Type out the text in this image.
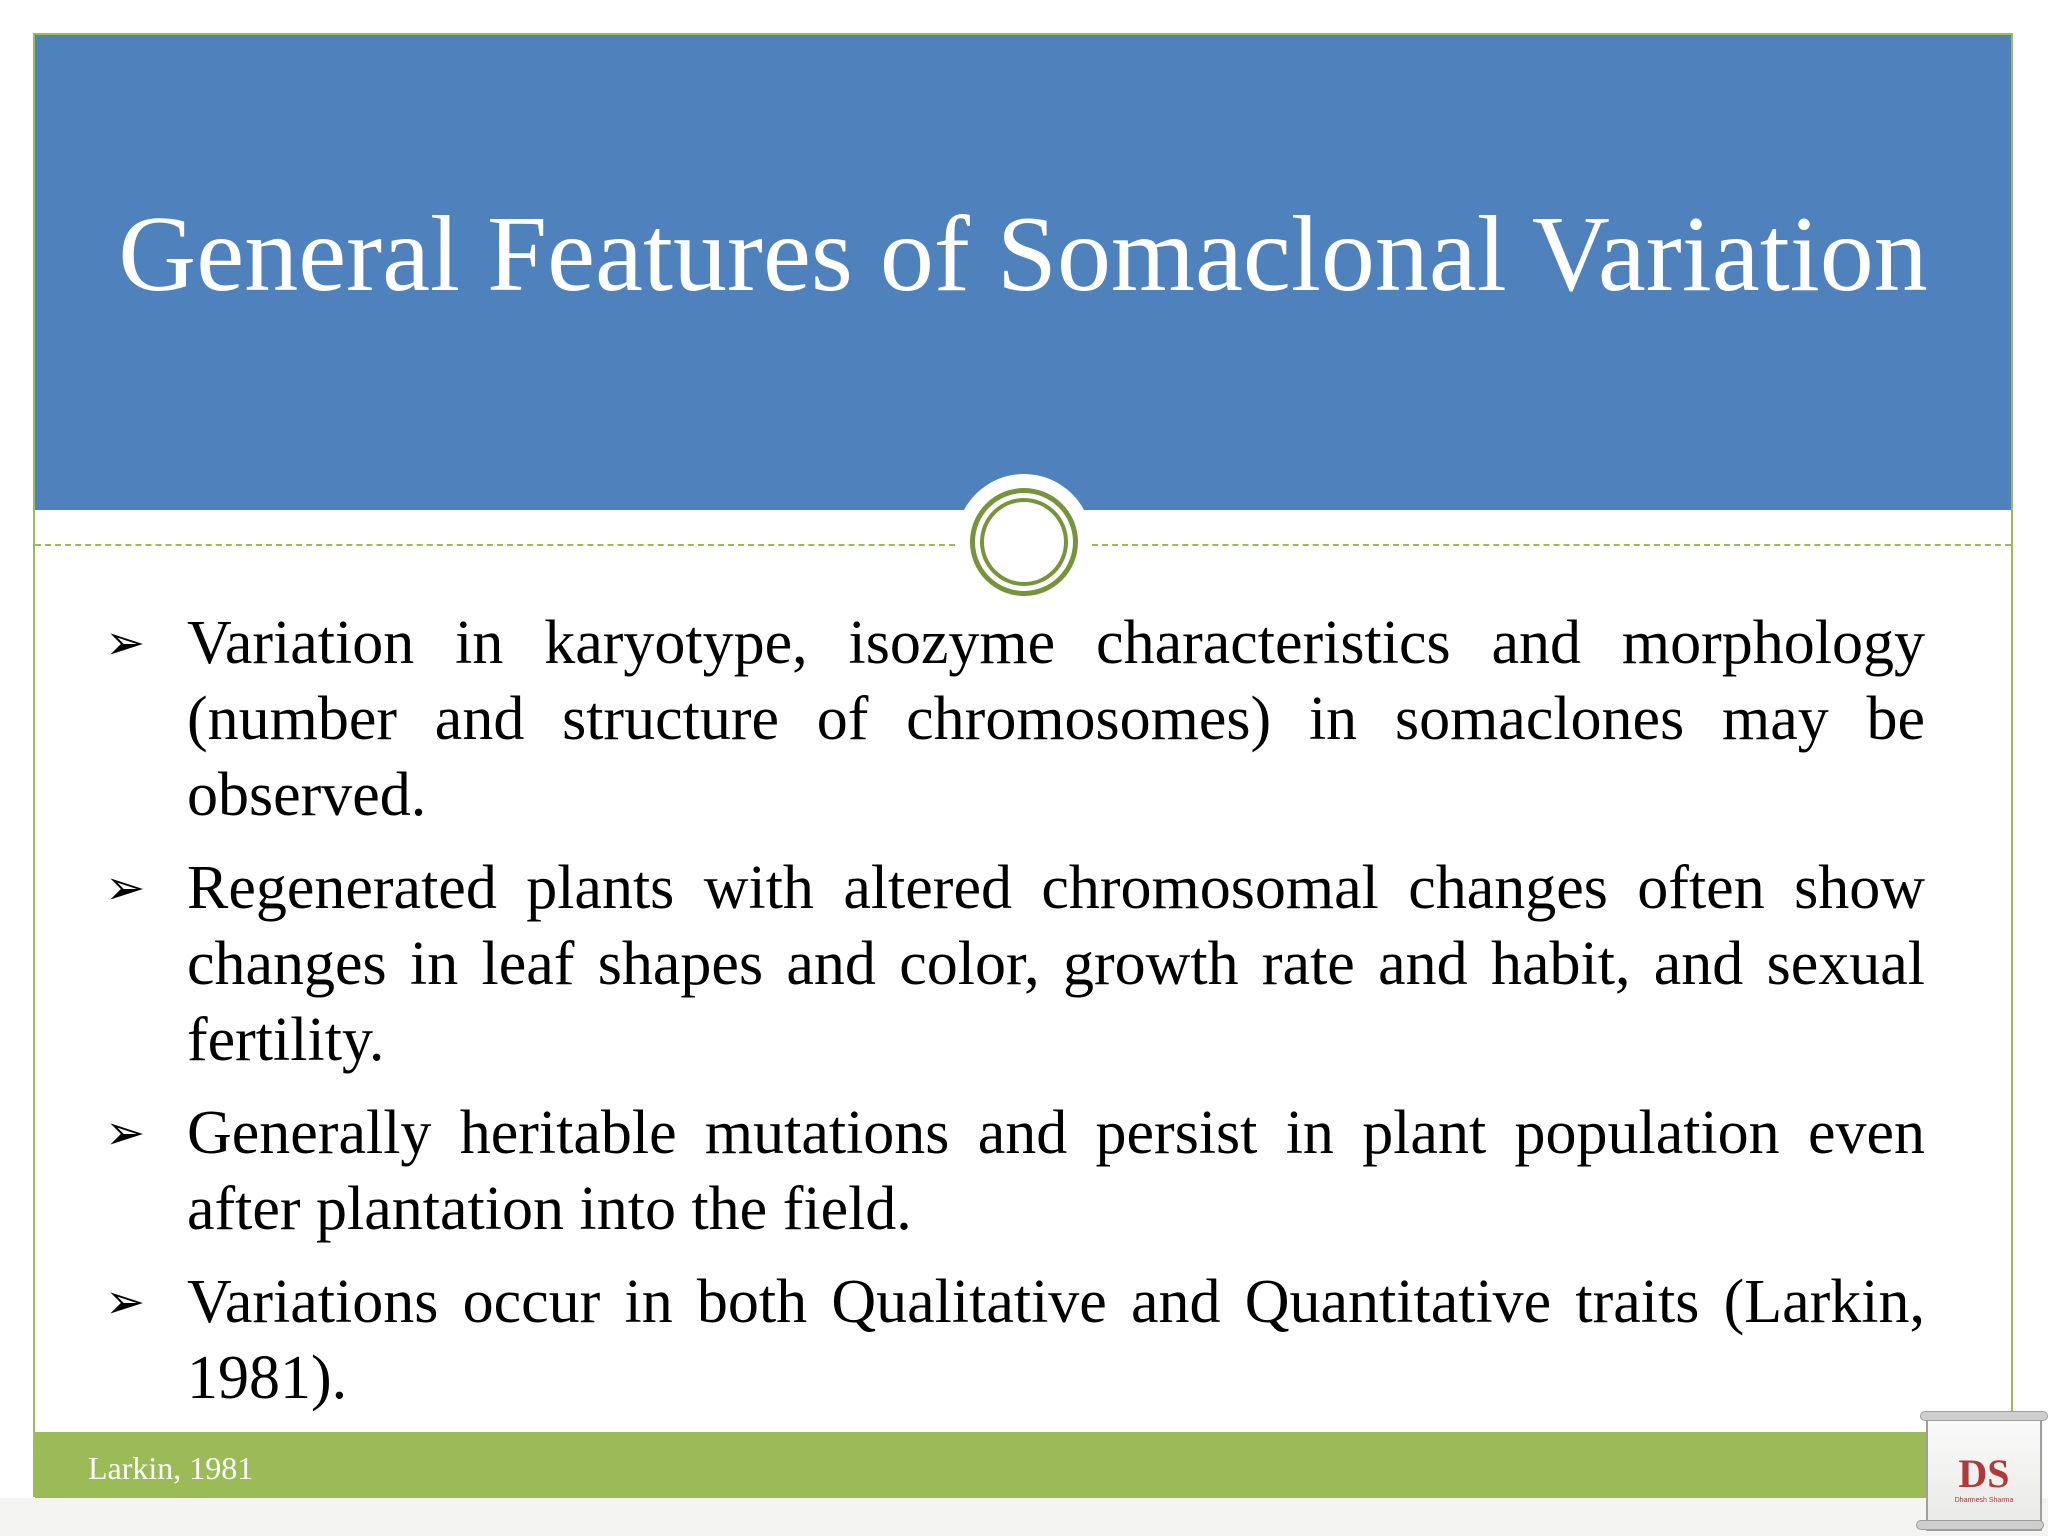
General Features of Somaclonal Variation
➢ Variation in karyotype, isozyme characteristics and morphology (number and structure of chromosomes) in somaclones may be observed.
➢ Regenerated plants with altered chromosomal changes often show changes in leaf shapes and color, growth rate and habit, and sexual fertility.
➢ Generally heritable mutations and persist in plant population even after plantation into the field.
➢ Variations occur in both Qualitative and Quantitative traits (Larkin, 1981).
Larkin, 1981	DS
Dharmesh Sharma
